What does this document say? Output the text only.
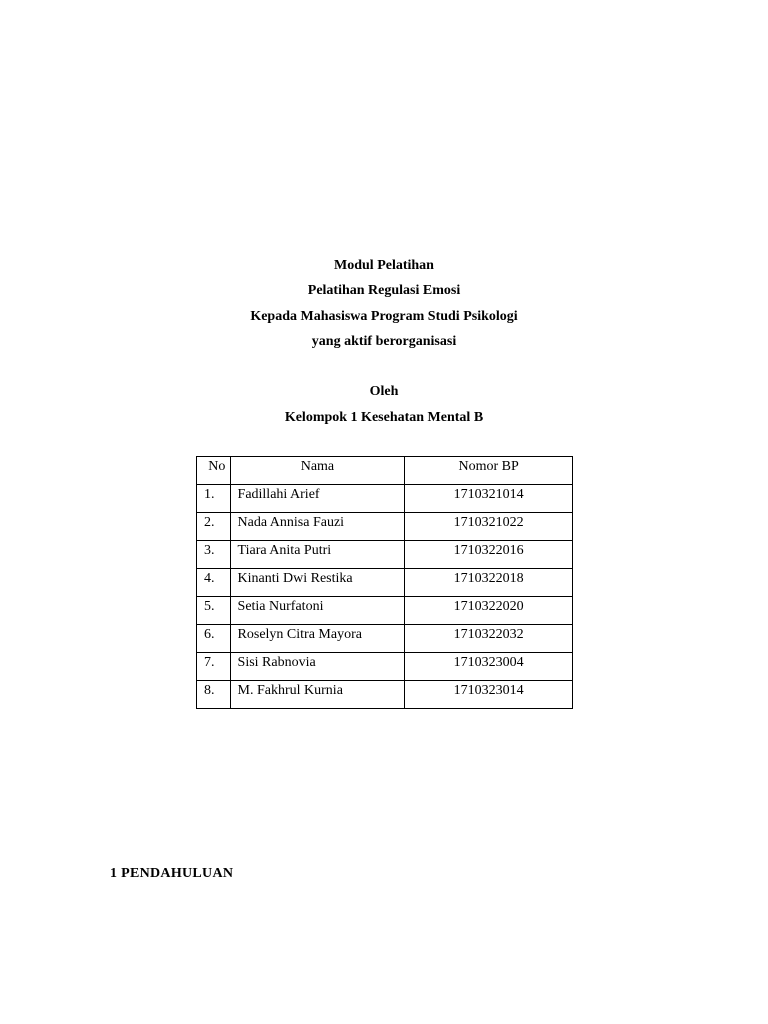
Modul Pelatihan
Pelatihan Regulasi Emosi
Kepada Mahasiswa Program Studi Psikologi
yang aktif berorganisasi
Oleh
Kelompok 1 Kesehatan Mental B
No	Nama	Nomor BP
1.	Fadillahi Arief	1710321014
2.	Nada Annisa Fauzi	1710321022
3.	Tiara Anita Putri	1710322016
4.	Kinanti Dwi Restika	1710322018
5.	Setia Nurfatoni	1710322020
6.	Roselyn Citra Mayora	1710322032
7.	Sisi Rabnovia	1710323004
8.	M. Fakhrul Kurnia	1710323014
1 PENDAHULUAN
